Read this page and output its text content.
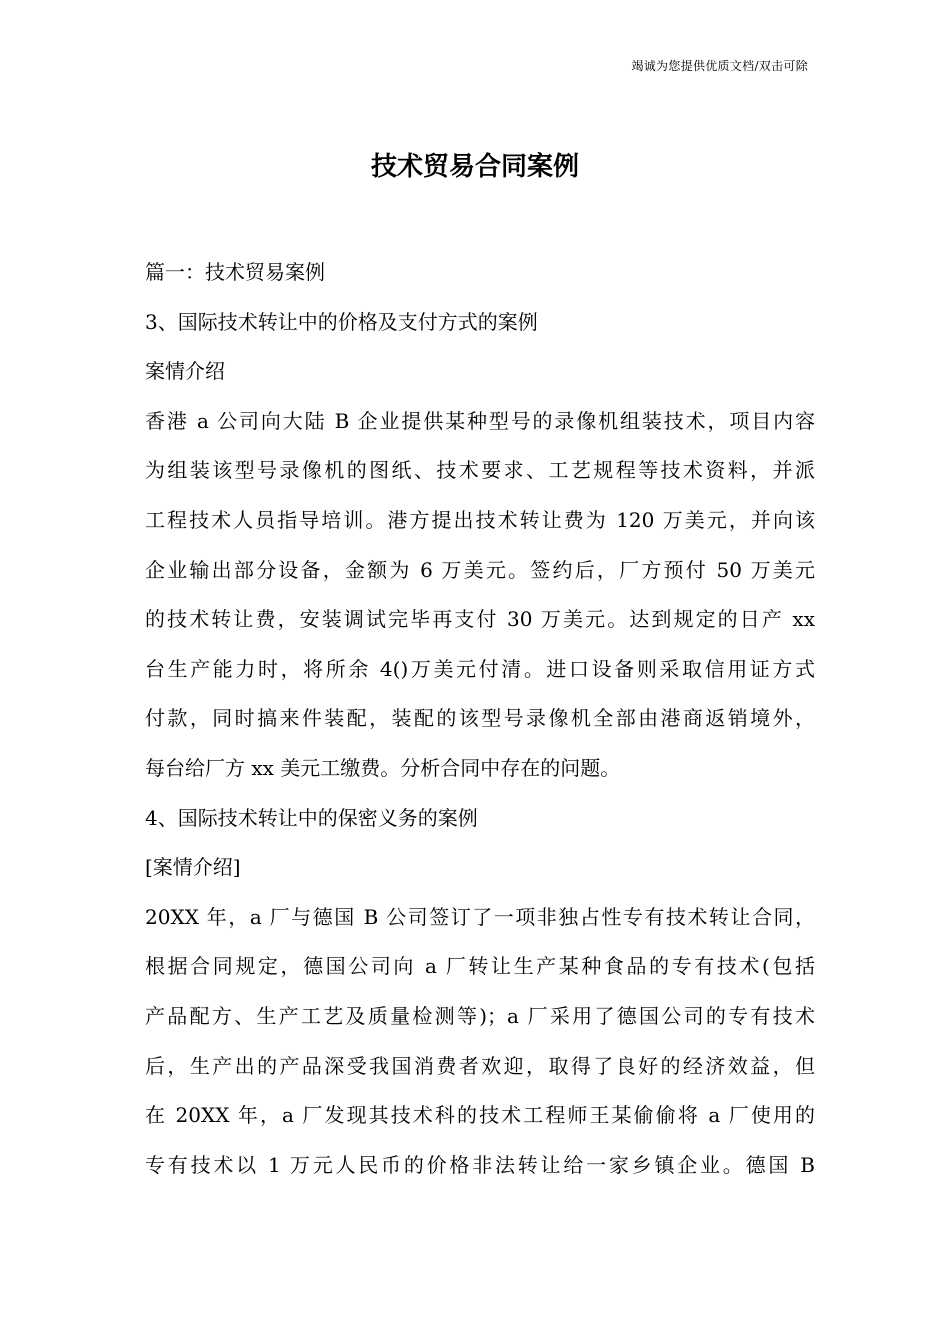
竭诚为您提供优质文档/双击可除
技术贸易合同案例
篇一：技术贸易案例
3、国际技术转让中的价格及支付方式的案例
案情介绍
香港 a 公司向大陆 B 企业提供某种型号的录像机组装技术，项目内容
为组装该型号录像机的图纸、技术要求、工艺规程等技术资料，并派
工程技术人员指导培训。港方提出技术转让费为 120 万美元，并向该
企业输出部分设备，金额为 6 万美元。签约后，厂方预付 50 万美元
的技术转让费，安装调试完毕再支付 30 万美元。达到规定的日产 xx
台生产能力时，将所余 4()万美元付清。进口设备则采取信用证方式
付款，同时搞来件装配，装配的该型号录像机全部由港商返销境外，
每台给厂方 xx 美元工缴费。分析合同中存在的问题。
4、国际技术转让中的保密义务的案例
[案情介绍]
20XX 年，a 厂与德国 B 公司签订了一项非独占性专有技术转让合同，
根据合同规定，德国公司向 a 厂转让生产某种食品的专有技术(包括
产品配方、生产工艺及质量检测等)；a 厂采用了德国公司的专有技术
后，生产出的产品深受我国消费者欢迎，取得了良好的经济效益，但
在 20XX 年，a 厂发现其技术科的技术工程师王某偷偷将 a 厂使用的
专有技术以 1 万元人民币的价格非法转让给一家乡镇企业。德国 B
